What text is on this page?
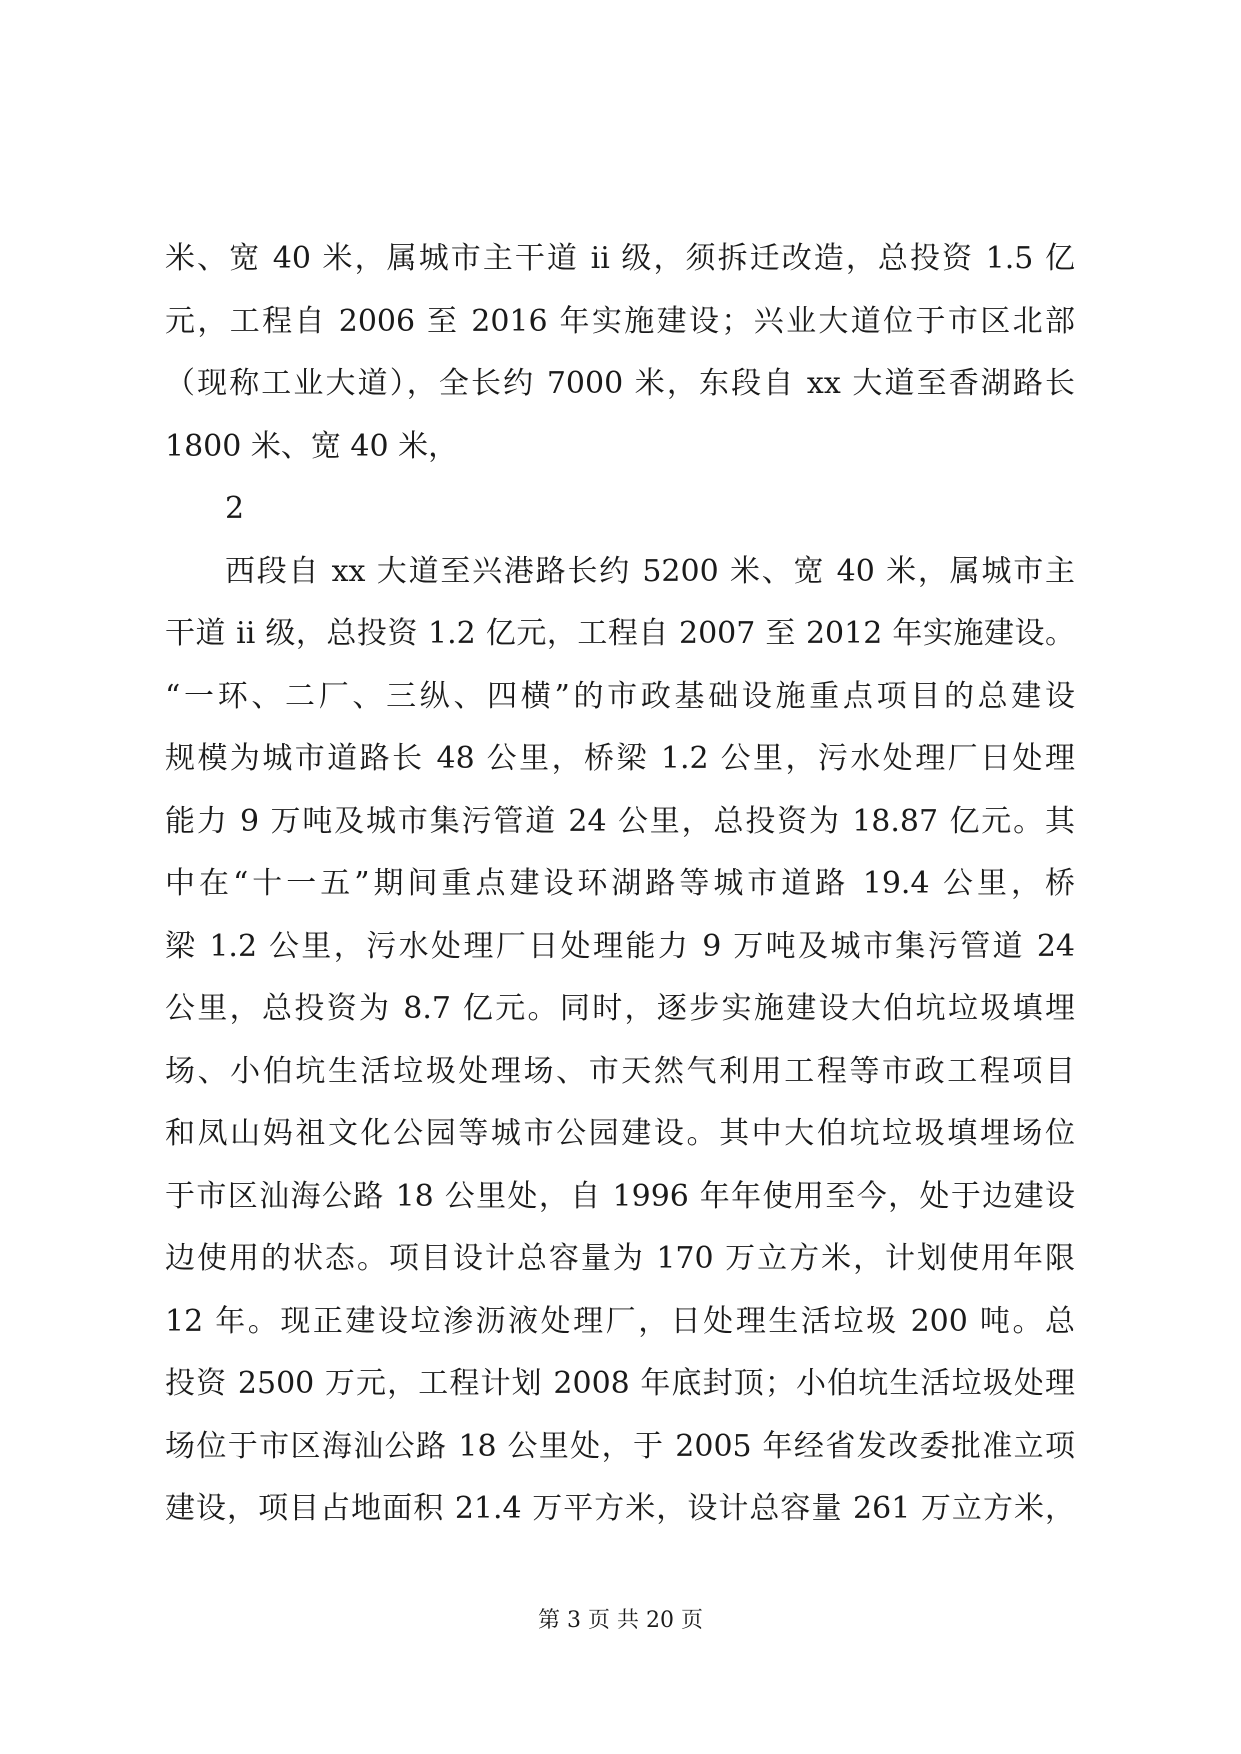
米、宽 40 米，属城市主干道 ii 级，须拆迁改造，总投资 1.5 亿
元，工程自 2006 至 2016 年实施建设；兴业大道位于市区北部
（现称工业大道），全长约 7000 米，东段自 xx 大道至香湖路长
1800 米、宽 40 米，
2
西段自 xx 大道至兴港路长约 5200 米、宽 40 米，属城市主
干道 ii 级，总投资 1.2 亿元，工程自 2007 至 2012 年实施建设。
“一环、二厂、三纵、四横”的市政基础设施重点项目的总建设
规模为城市道路长 48 公里，桥梁 1.2 公里，污水处理厂日处理
能力 9 万吨及城市集污管道 24 公里，总投资为 18.87 亿元。其
中在“十一五”期间重点建设环湖路等城市道路 19.4 公里，桥
梁 1.2 公里，污水处理厂日处理能力 9 万吨及城市集污管道 24
公里，总投资为 8.7 亿元。同时，逐步实施建设大伯坑垃圾填埋
场、小伯坑生活垃圾处理场、市天然气利用工程等市政工程项目
和凤山妈祖文化公园等城市公园建设。其中大伯坑垃圾填埋场位
于市区汕海公路 18 公里处，自 1996 年年使用至今，处于边建设
边使用的状态。项目设计总容量为 170 万立方米，计划使用年限
12 年。现正建设垃渗沥液处理厂，日处理生活垃圾 200 吨。总
投资 2500 万元，工程计划 2008 年底封顶；小伯坑生活垃圾处理
场位于市区海汕公路 18 公里处，于 2005 年经省发改委批准立项
建设，项目占地面积 21.4 万平方米，设计总容量 261 万立方米，
第 3 页 共 20 页
